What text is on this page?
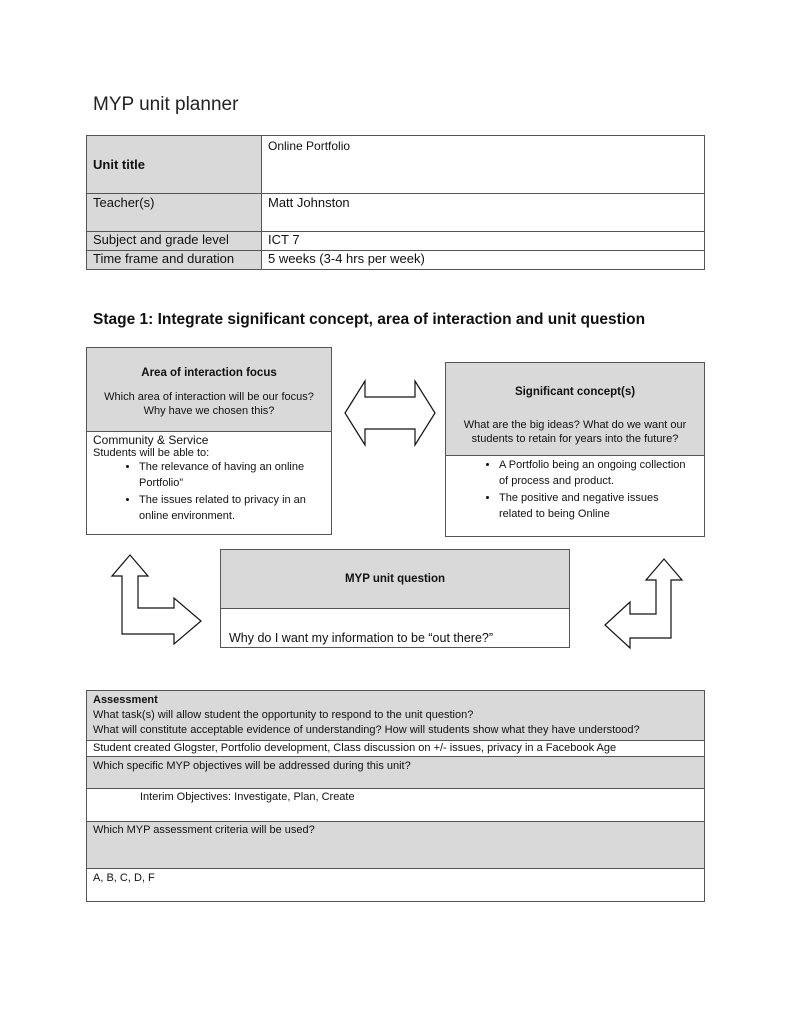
MYP unit planner
Unit title	Online Portfolio
Teacher(s)	Matt Johnston
Subject and grade level	ICT 7
Time frame and duration	5 weeks (3-4 hrs per week)
Stage 1: Integrate significant concept, area of interaction and unit question
Area of interaction focus
Which area of interaction will be our focus?
Why have we chosen this?
Community & Service
Students will be able to:
• The relevance of having an online Portfolio”
• The issues related to privacy in an online environment.
Significant concept(s)
What are the big ideas? What do we want our
students to retain for years into the future?
• A Portfolio being an ongoing collection of process and product.
• The positive and negative issues related to being Online
MYP unit question
Why do I want my information to be “out there?”
Assessment
What task(s) will allow student the opportunity to respond to the unit question?
What will constitute acceptable evidence of understanding? How will students show what they have understood?

Student created Glogster, Portfolio development, Class discussion on +/- issues, privacy in a Facebook Age
Which specific MYP objectives will be addressed during this unit?
Interim Objectives: Investigate, Plan, Create
Which MYP assessment criteria will be used?
A, B, C, D, F
